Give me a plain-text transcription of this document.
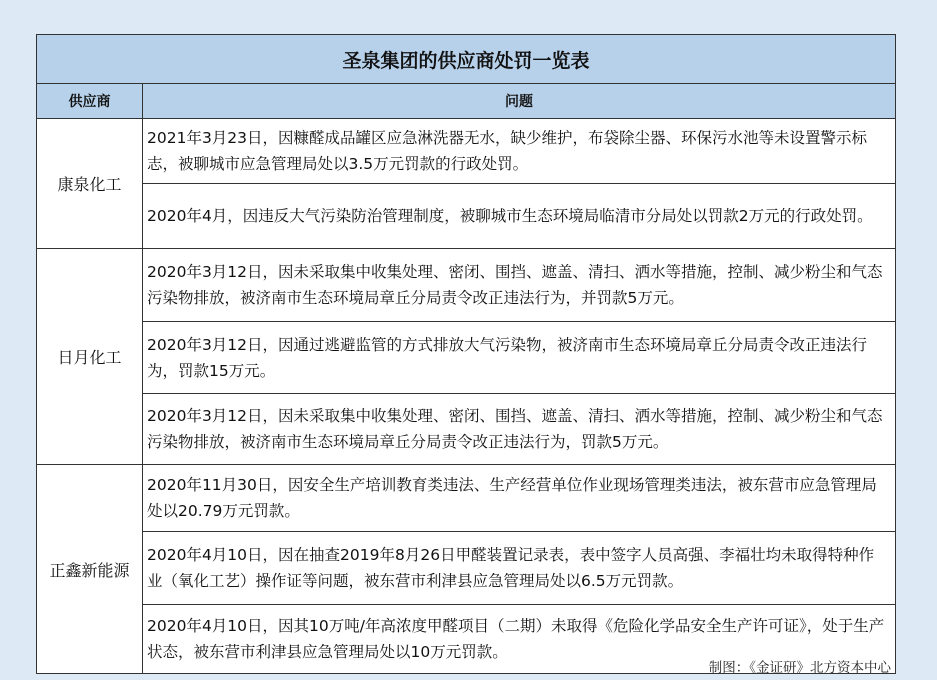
圣泉集团的供应商处罚一览表	
供应商	问题
康泉化工	2021年3月23日，因糠醛成品罐区应急淋洗器无水，缺少维护，布袋除尘器、环保污水池等未设置警示标志，被聊城市应急管理局处以3.5万元罚款的行政处罚。
	2020年4月，因违反大气污染防治管理制度，被聊城市生态环境局临清市分局处以罚款2万元的行政处罚。
日月化工	2020年3月12日，因未采取集中收集处理、密闭、围挡、遮盖、清扫、洒水等措施，控制、减少粉尘和气态污染物排放，被济南市生态环境局章丘分局责令改正违法行为，并罚款5万元。
	2020年3月12日，因通过逃避监管的方式排放大气污染物，被济南市生态环境局章丘分局责令改正违法行为，罚款15万元。
	2020年3月12日，因未采取集中收集处理、密闭、围挡、遮盖、清扫、洒水等措施，控制、减少粉尘和气态污染物排放，被济南市生态环境局章丘分局责令改正违法行为，罚款5万元。
正鑫新能源	2020年11月30日，因安全生产培训教育类违法、生产经营单位作业现场管理类违法，被东营市应急管理局处以20.79万元罚款。
	2020年4月10日，因在抽查2019年8月26日甲醛装置记录表，表中签字人员高强、李福壮均未取得特种作业（氧化工艺）操作证等问题，被东营市利津县应急管理局处以6.5万元罚款。
	2020年4月10日，因其10万吨/年高浓度甲醛项目（二期）未取得《危险化学品安全生产许可证》，处于生产状态，被东营市利津县应急管理局处以10万元罚款。
制图：《金证研》北方资本中心
